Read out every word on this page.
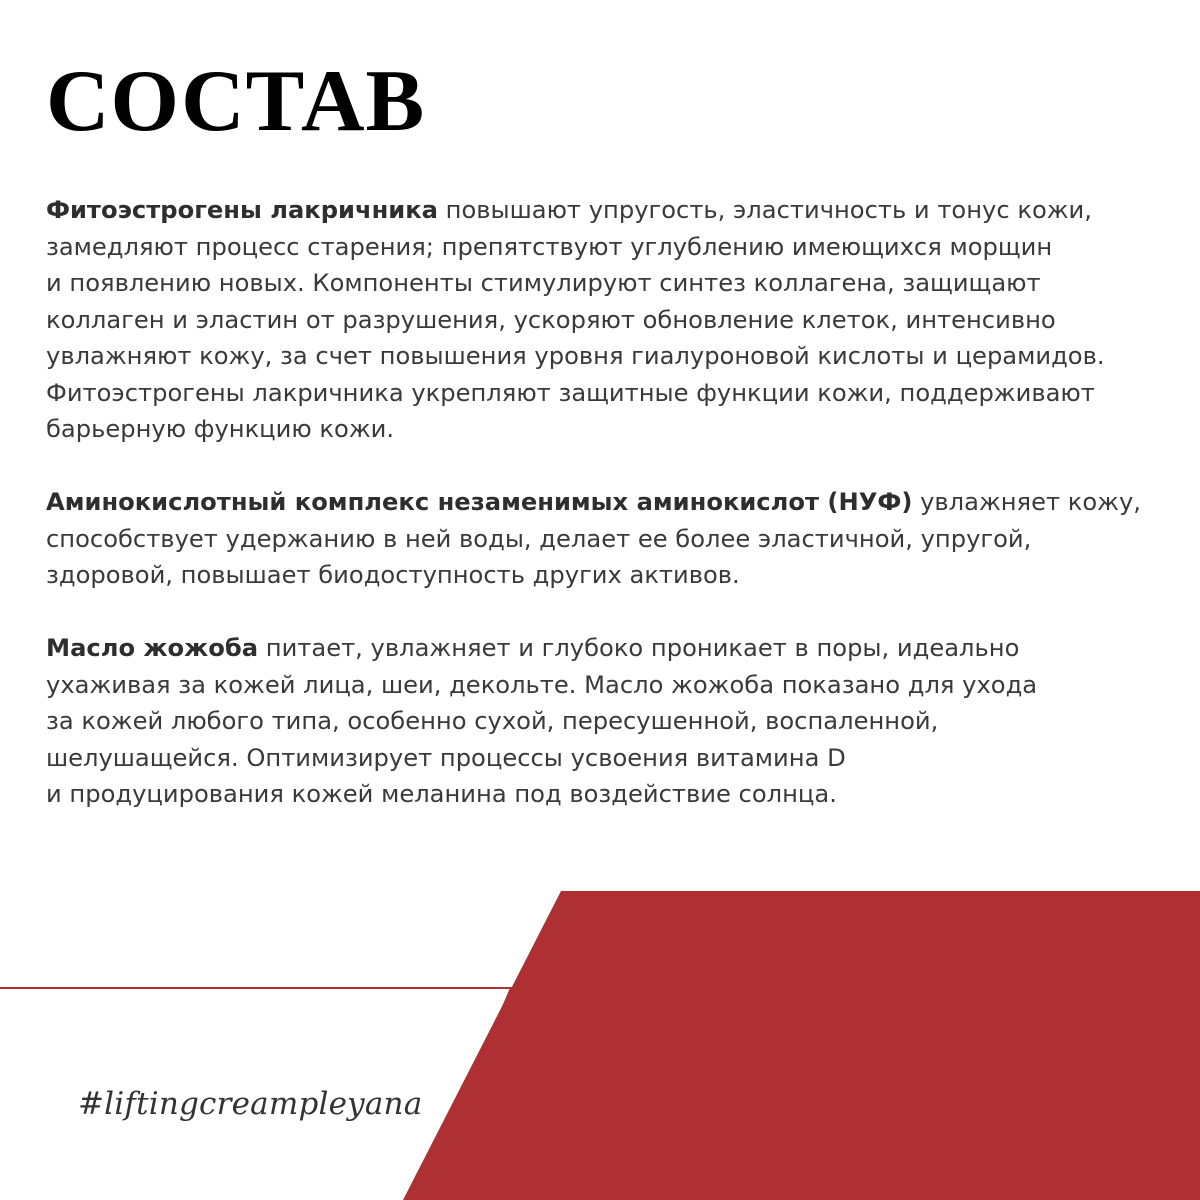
СОСТАВ

Фитоэстрогены лакричника повышают упругость, эластичность и тонус кожи,
замедляют процесс старения; препятствуют углублению имеющихся морщин
и появлению новых. Компоненты стимулируют синтез коллагена, защищают
коллаген и эластин от разрушения, ускоряют обновление клеток, интенсивно
увлажняют кожу, за счет повышения уровня гиалуроновой кислоты и церамидов.
Фитоэстрогены лакричника укрепляют защитные функции кожи, поддерживают
барьерную функцию кожи.

Аминокислотный комплекс незаменимых аминокислот (НУФ) увлажняет кожу,
способствует удержанию в ней воды, делает ее более эластичной, упругой,
здоровой, повышает биодоступность других активов.

Масло жожоба питает, увлажняет и глубоко проникает в поры, идеально
ухаживая за кожей лица, шеи, декольте. Масло жожоба показано для ухода
за кожей любого типа, особенно сухой, пересушенной, воспаленной,
шелушащейся. Оптимизирует процессы усвоения витамина D
и продуцирования кожей меланина под воздействие солнца.

#liftingcreampleyana
